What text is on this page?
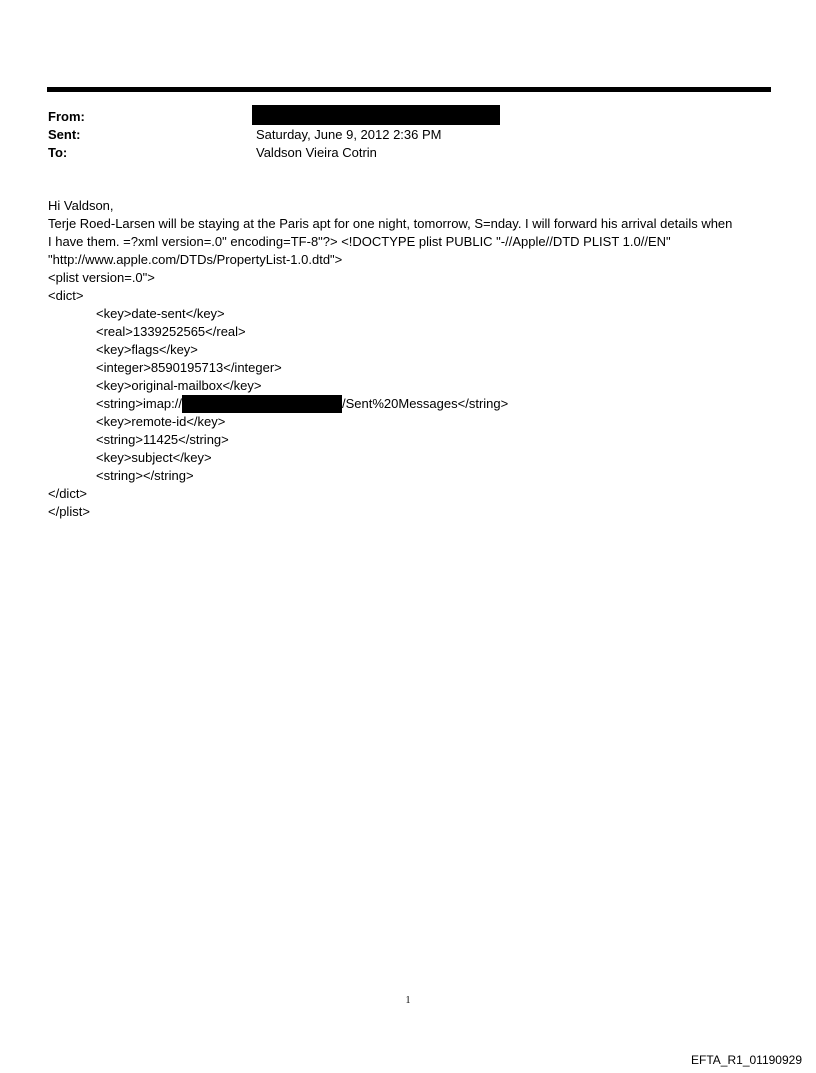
From:
Sent:	Saturday, June 9, 2012 2:36 PM
To:	Valdson Vieira Cotrin
Hi Valdson,
Terje Roed-Larsen will be staying at the Paris apt for one night, tomorrow, S=nday. I will forward his arrival details when
I have them. =?xml version=.0" encoding=TF-8"?> <!DOCTYPE plist PUBLIC "-//Apple//DTD PLIST 1.0//EN"
"http://www.apple.com/DTDs/PropertyList-1.0.dtd">
<plist version=.0">
<dict>
<key>date-sent</key>
<real>1339252565</real>
<key>flags</key>
<integer>8590195713</integer>
<key>original-mailbox</key>
<string>imap://	/Sent%20Messages</string>
<key>remote-id</key>
<string>11425</string>
<key>subject</key>
<string></string>
</dict>
</plist>
1
EFTA_R1_01190929
